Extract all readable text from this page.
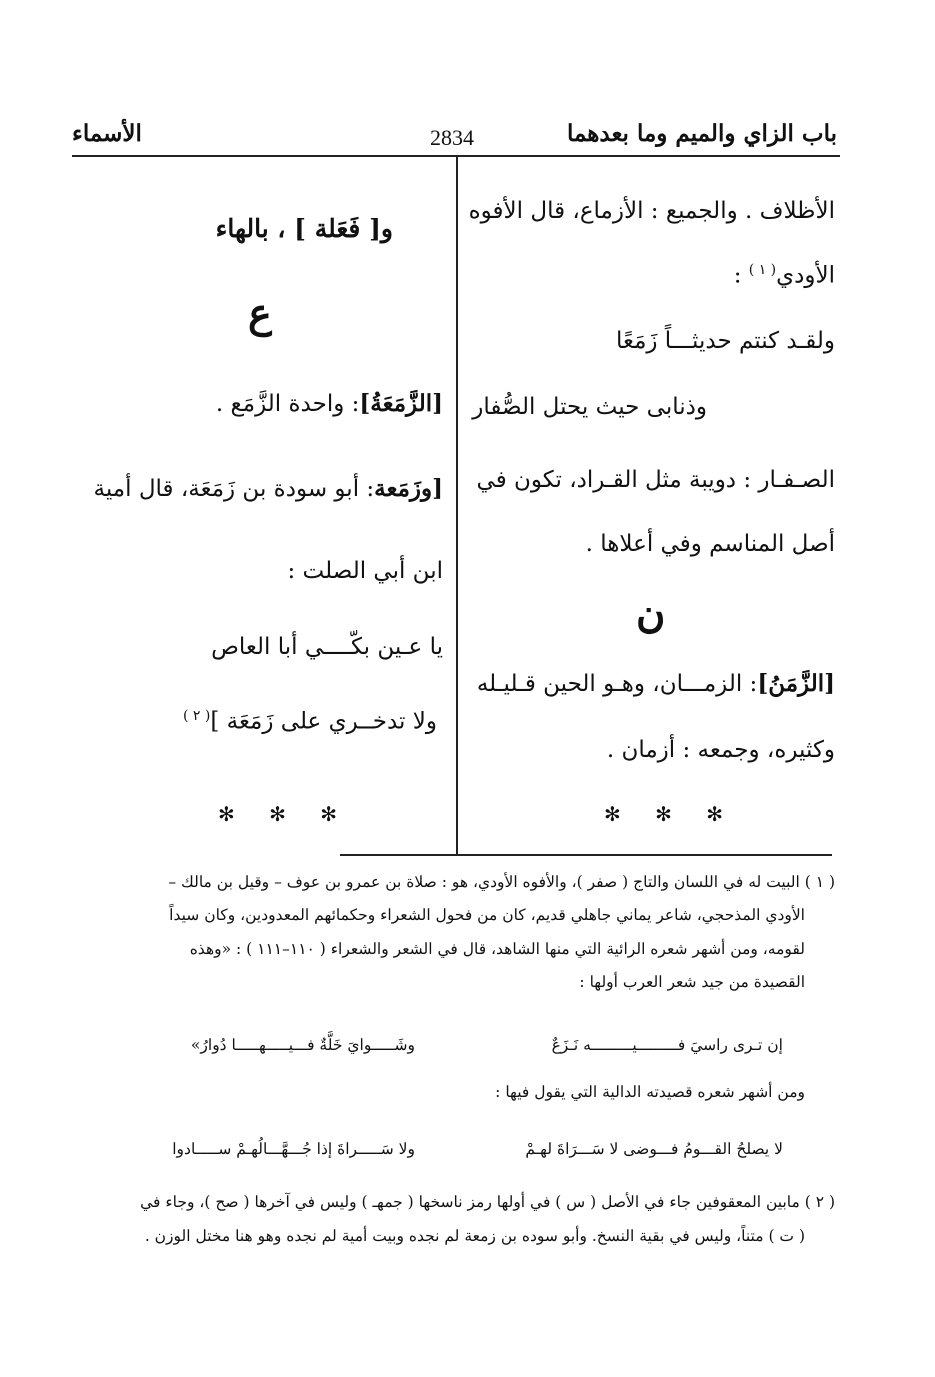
باب الزاي والميم وما بعدهما
2834
الأسماء
الأظلاف . والجميع : الأزماع، قال الأفوه
الأودي$^{( ١ )}$ :
ولقـد كنتم حديثـــاً زَمَعًا
وذنابى حيث يحتل الصُّفار
الصـفـار : دويبة مثل القـراد، تكون في
أصل المناسم وفي أعلاها .
ن
[الزَّمَنُ]: الزمـــان، وهـو الحين قـليـله
وكثيره، وجمعه : أزمان .
✻ ✻ ✻
و[ فَعَلة ] ، بالهاء
ع
[الزَّمَعَةُ]: واحدة الزَّمَع .
[وزَمَعة: أبو سودة بن زَمَعَة، قال أمية
ابن أبي الصلت :
يا عـين بكّــــي أبا العاص
ولا تدخــري على زَمَعَة ]$^{( ٢ )}$
✻ ✻ ✻
( ١ ) البيت له في اللسان والتاج ( صفر )، والأفوه الأودي، هو : صلاة بن عمرو بن عوف – وقيل بن مالك –
الأودي المذحجي، شاعر يماني جاهلي قديم، كان من فحول الشعراء وحكمائهم المعدودين، وكان سيداً
لقومه، ومن أشهر شعره الرائية التي منها الشاهد، قال في الشعر والشعراء ( ١١٠–١١١ ) : «وهذه
القصيدة من جيد شعر العرب أولها :
إن تـرى راسيَ فـــــــــيـــــــــه نَـزَعٌ
وشَـــــوايَ خَلَّةٌ فـــيـــــهـــــا دُوارُ»
ومن أشهر شعره قصيدته الدالية التي يقول فيها :
لا يصلحُ القـــومُ فـــوضى لا سَـــرَاةَ لهـمْ
ولا سَـــــراةَ إذا جُـــهَّـــالُهـمْ ســـــادوا
( ٢ ) مابين المعقوفين جاء في الأصل ( س ) في أولها رمز ناسخها ( جمهـ ) وليس في آخرها ( صح )، وجاء في
( ت ) متناً، وليس في بقية النسخ. وأبو سوده بن زمعة لم نجده وبيت أمية لم نجده وهو هنا مختل الوزن .
